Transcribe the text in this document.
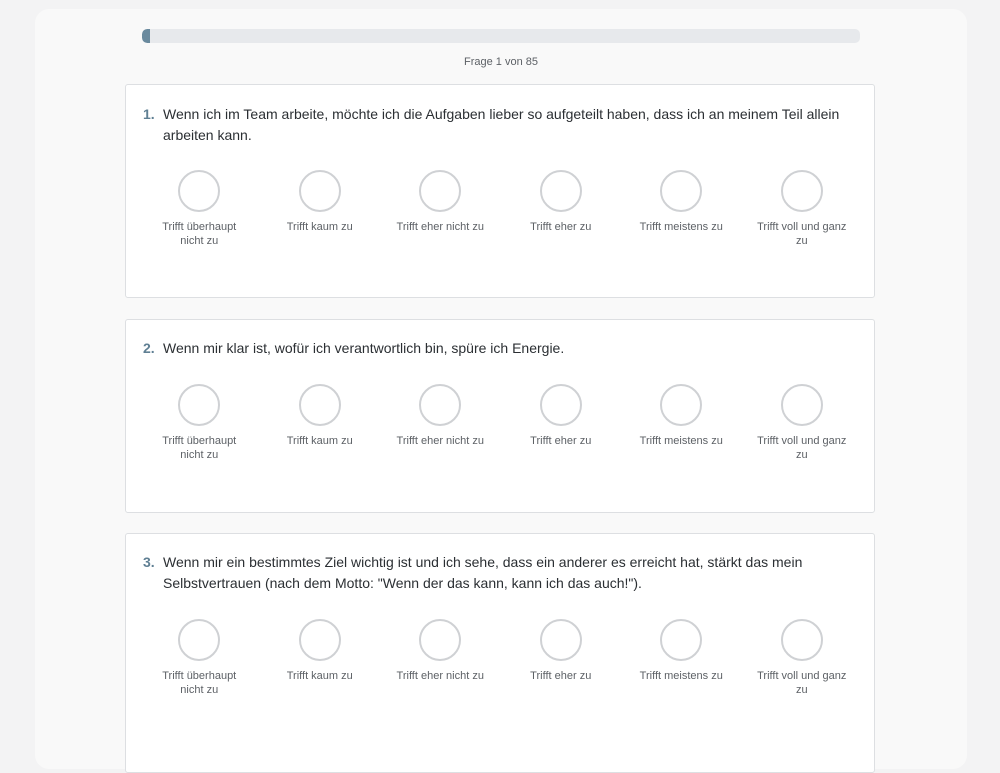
Frage 1 von 85
1. Wenn ich im Team arbeite, möchte ich die Aufgaben lieber so aufgeteilt haben, dass ich an meinem Teil allein arbeiten kann.
Trifft überhaupt nicht zu
Trifft kaum zu	Trifft eher nicht zu	Trifft eher zu	Trifft meistens zu	Trifft voll und ganz zu
2. Wenn mir klar ist, wofür ich verantwortlich bin, spüre ich Energie.
Trifft überhaupt nicht zu
Trifft kaum zu	Trifft eher nicht zu	Trifft eher zu	Trifft meistens zu	Trifft voll und ganz zu
3. Wenn mir ein bestimmtes Ziel wichtig ist und ich sehe, dass ein anderer es erreicht hat, stärkt das mein Selbstvertrauen (nach dem Motto: "Wenn der das kann, kann ich das auch!").
Trifft überhaupt nicht zu
Trifft kaum zu	Trifft eher nicht zu	Trifft eher zu	Trifft meistens zu	Trifft voll und ganz zu
